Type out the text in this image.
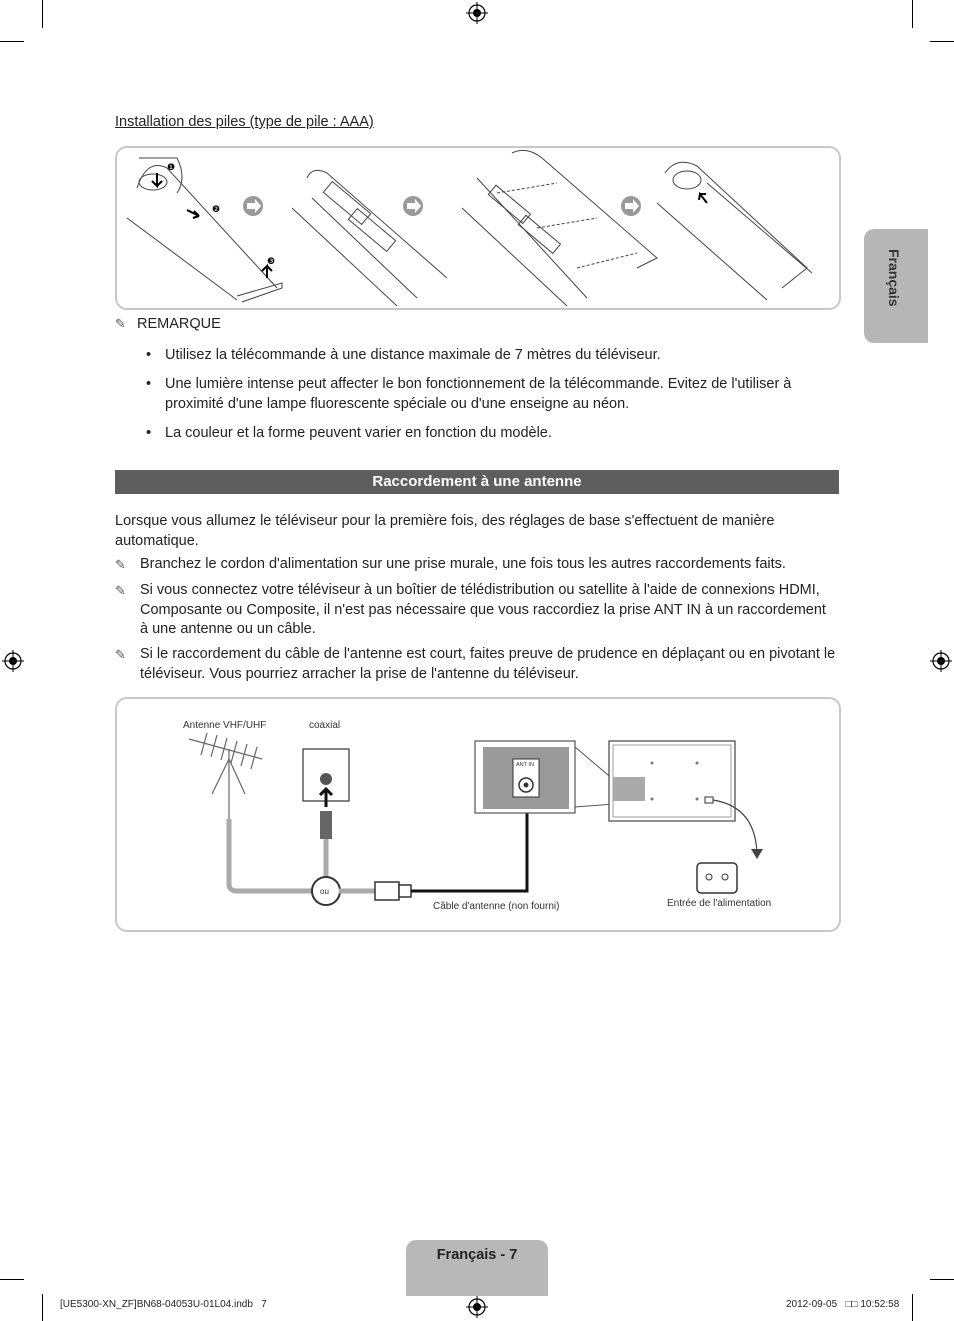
Installation des piles (type de pile : AAA)
❶
❷
❸
✎ REMARQUE
• Utilisez la télécommande à une distance maximale de 7 mètres du téléviseur.
• Une lumière intense peut affecter le bon fonctionnement de la télécommande. Evitez de l'utiliser à proximité d'une lampe fluorescente spéciale ou d'une enseigne au néon.
• La couleur et la forme peuvent varier en fonction du modèle.
Raccordement à une antenne
Lorsque vous allumez le téléviseur pour la première fois, des réglages de base s'effectuent de manière automatique.
✎ Branchez le cordon d'alimentation sur une prise murale, une fois tous les autres raccordements faits.
✎ Si vous connectez votre téléviseur à un boîtier de télédistribution ou satellite à l'aide de connexions HDMI, Composante ou Composite, il n'est pas nécessaire que vous raccordiez la prise ANT IN à un raccordement à une antenne ou un câble.
✎ Si le raccordement du câble de l'antenne est court, faites preuve de prudence en déplaçant ou en pivotant le téléviseur. Vous pourriez arracher la prise de l'antenne du téléviseur.
Antenne VHF/UHF	coaxial
ou
ANT IN
Câble d'antenne (non fourni)	Entrée de l'alimentation
Français
Français - 7
[UE5300-XN_ZF]BN68-04053U-01L04.indb   7	2012-09-05   □□ 10:52:58
